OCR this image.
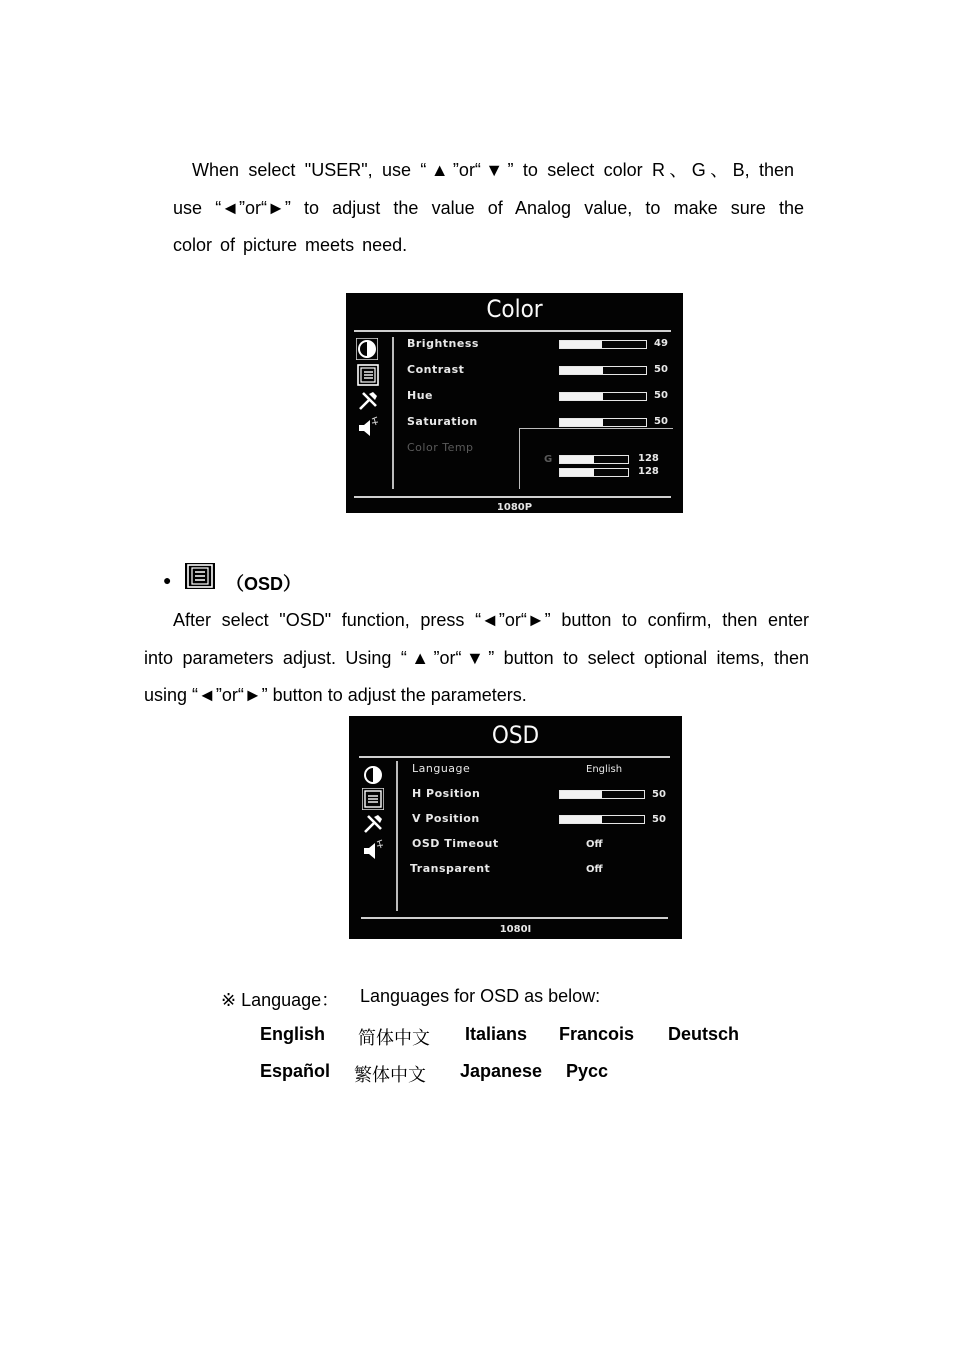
When select "USER", use “▲”or“▼” to select color R、G、B, then
use “◄”or“►” to adjust the value of Analog value, to make sure the
color of picture meets need.
Color
Brightness	49
Contrast	50
Hue	50
Saturation	50
Color Temp
G	128
128
1080P
●	（OSD）
After select "OSD" function, press “◄”or“►” button to confirm, then enter
into parameters adjust. Using “▲”or“▼” button to select optional items, then
using “◄”or“►” button to adjust the parameters.
OSD
Language	English
H Position	50
V Position	50
OSD Timeout	Off
Transparent	Off
1080I
※ Language： Languages for OSD as below:
English 简体中文 Italians Francois Deutsch
Español 繁体中文 Japanese Pycc
